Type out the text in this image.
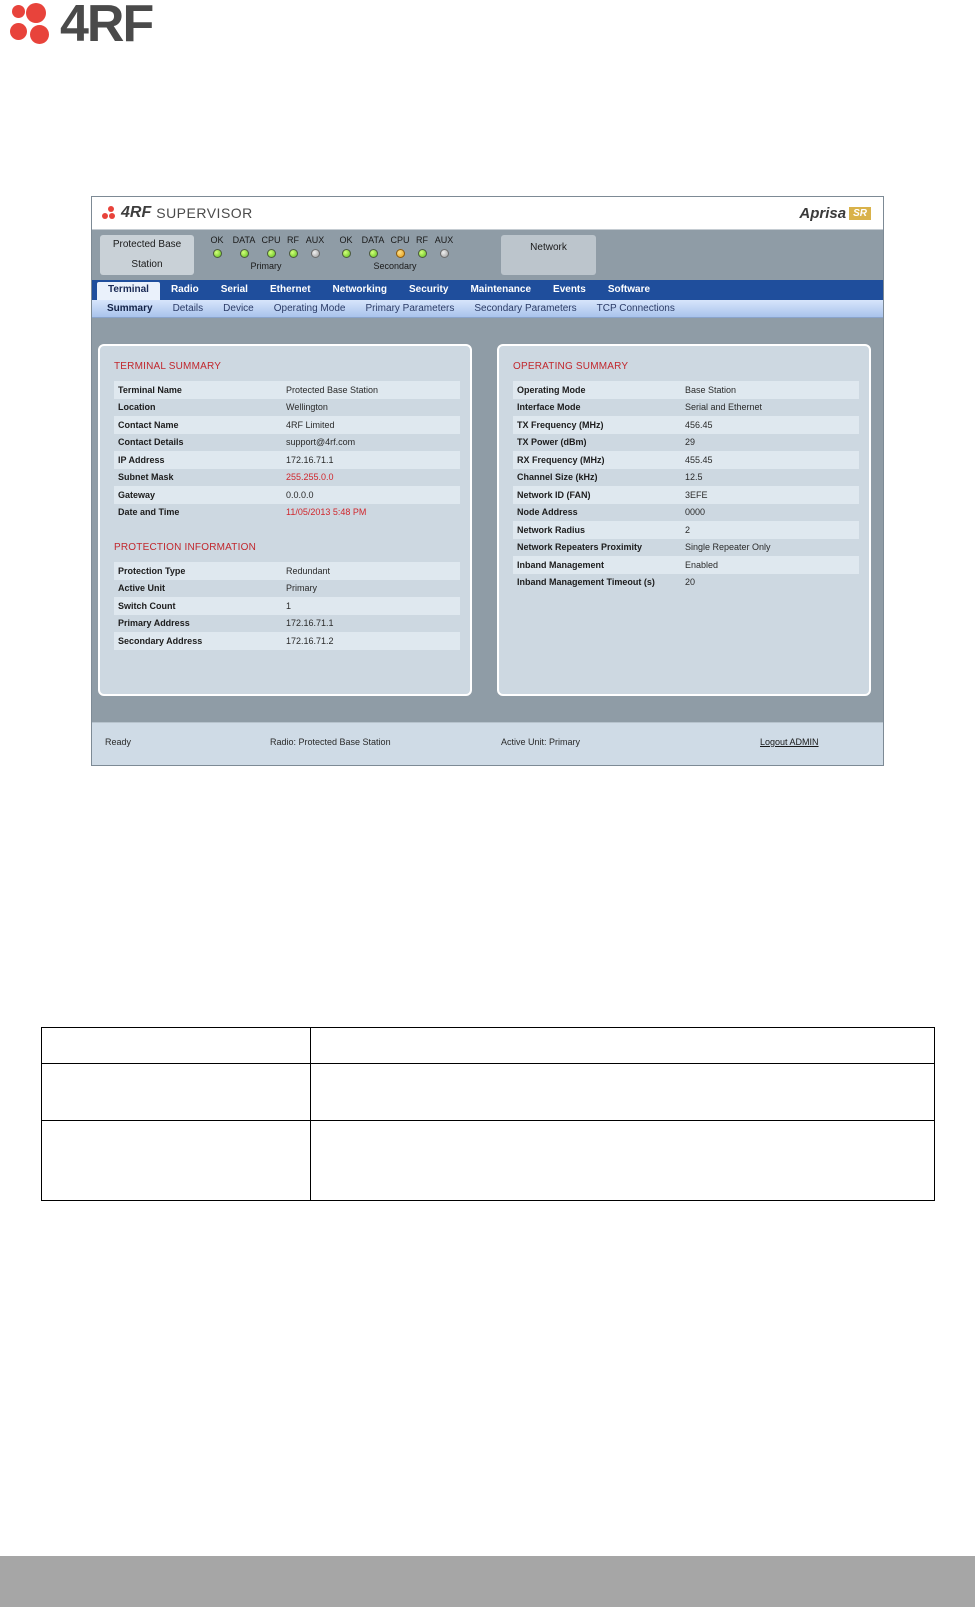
4RF
4RF SUPERVISOR	Aprisa SR
Protected Base
Station
OK DATA CPU RF AUX
Primary
OK DATA CPU RF AUX
Secondary
Network
Terminal	Radio	Serial	Ethernet	Networking	Security	Maintenance	Events	Software
Summary	Details	Device	Operating Mode	Primary Parameters	Secondary Parameters	TCP Connections
TERMINAL SUMMARY
Terminal Name	Protected Base Station
Location	Wellington
Contact Name	4RF Limited
Contact Details	support@4rf.com
IP Address	172.16.71.1
Subnet Mask	255.255.0.0
Gateway	0.0.0.0
Date and Time	11/05/2013 5:48 PM
PROTECTION INFORMATION
Protection Type	Redundant
Active Unit	Primary
Switch Count	1
Primary Address	172.16.71.1
Secondary Address	172.16.71.2
OPERATING SUMMARY
Operating Mode	Base Station
Interface Mode	Serial and Ethernet
TX Frequency (MHz)	456.45
TX Power (dBm)	29
RX Frequency (MHz)	455.45
Channel Size (kHz)	12.5
Network ID (FAN)	3EFE
Node Address	0000
Network Radius	2
Network Repeaters Proximity	Single Repeater Only
Inband Management	Enabled
Inband Management Timeout (s)	20
Ready	Radio: Protected Base Station	Active Unit: Primary	Logout ADMIN
